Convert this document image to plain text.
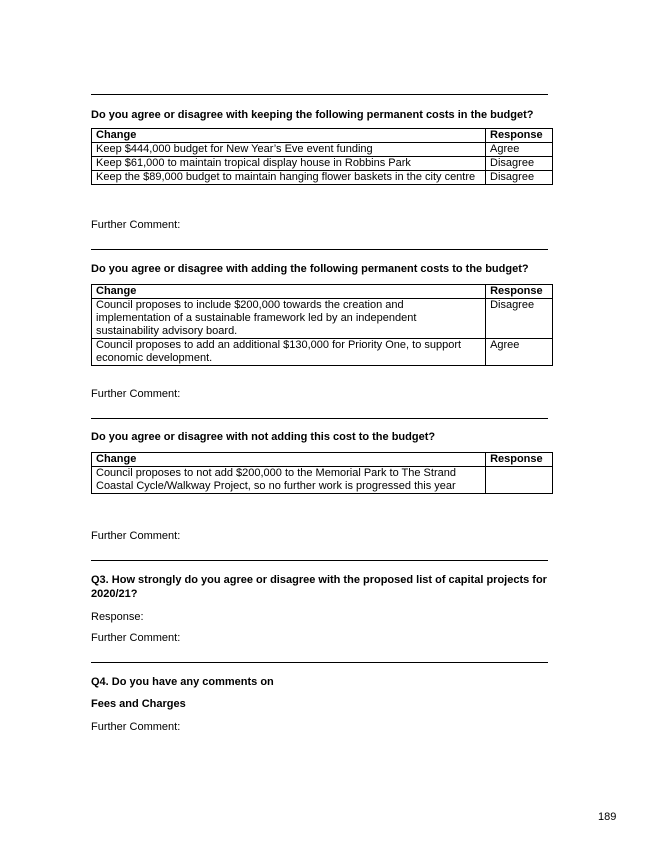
Do you agree or disagree with keeping the following permanent costs in the budget?
Change	Response
Keep $444,000 budget for New Year’s Eve event funding	Agree
Keep $61,000 to maintain tropical display house in Robbins Park	Disagree
Keep the $89,000 budget to maintain hanging flower baskets in the city centre	Disagree
Further Comment:
Do you agree or disagree with adding the following permanent costs to the budget?
Change	Response
Council proposes to include $200,000 towards the creation and implementation of a sustainable framework led by an independent sustainability advisory board.	Disagree
Council proposes to add an additional $130,000 for Priority One, to support economic development.	Agree
Further Comment:
Do you agree or disagree with not adding this cost to the budget?
Change	Response
Council proposes to not add $200,000 to the Memorial Park to The Strand Coastal Cycle/Walkway Project, so no further work is progressed this year	
Further Comment:
Q3. How strongly do you agree or disagree with the proposed list of capital projects for 2020/21?
Response:
Further Comment:
Q4. Do you have any comments on
Fees and Charges
Further Comment:
189
